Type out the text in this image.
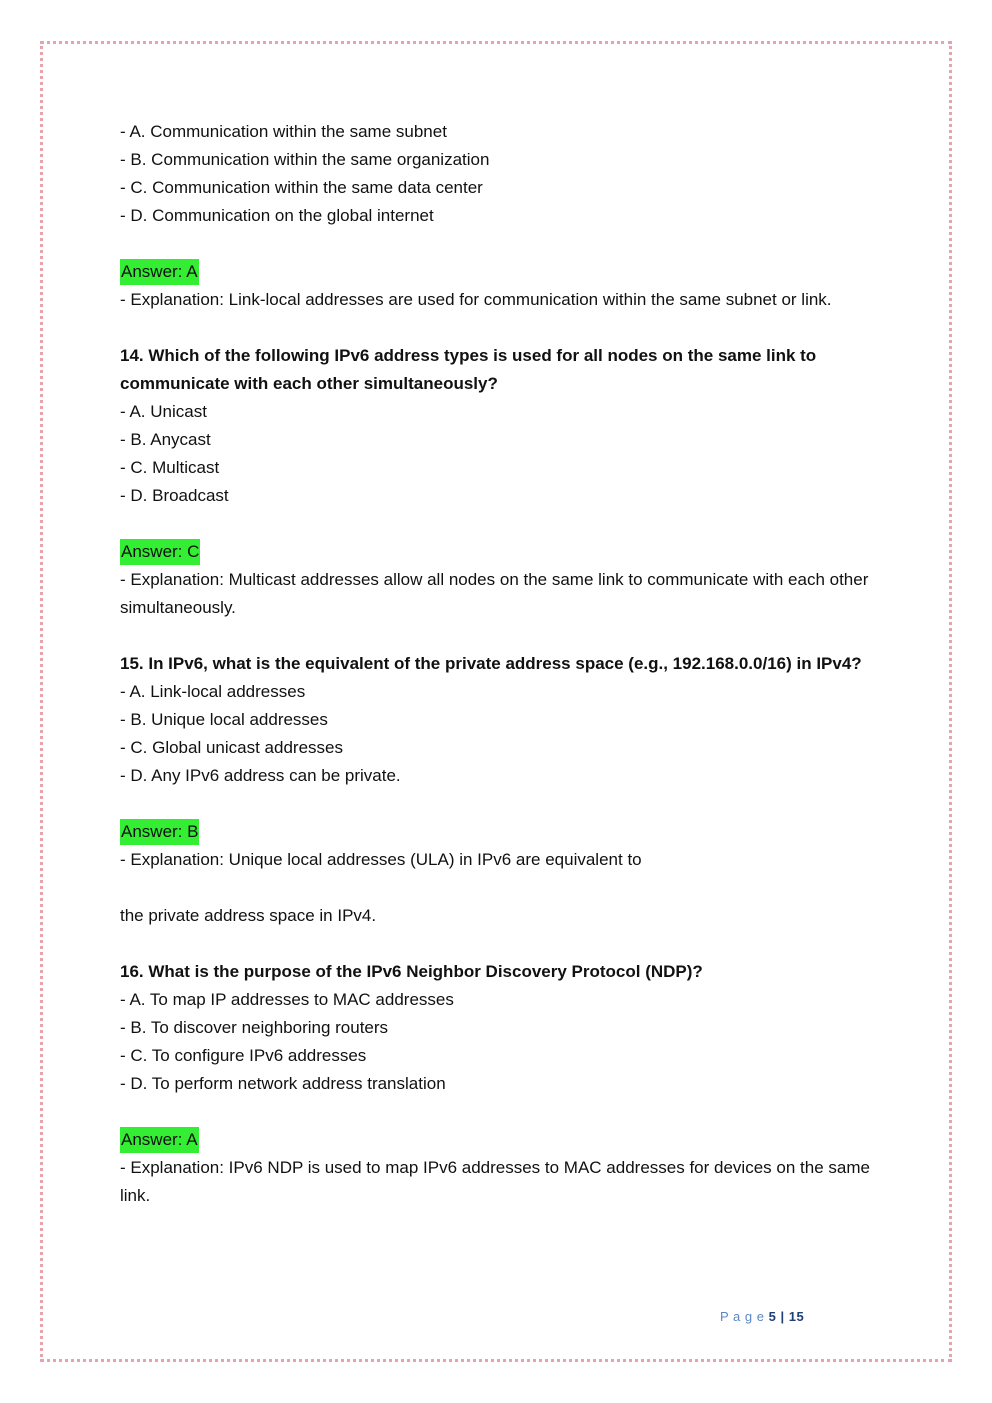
- A. Communication within the same subnet

- B. Communication within the same organization

- C. Communication within the same data center

- D. Communication on the global internet

Answer: A

- Explanation: Link-local addresses are used for communication within the same subnet or link.

14. Which of the following IPv6 address types is used for all nodes on the same link to communicate with each other simultaneously?

- A. Unicast

- B. Anycast

- C. Multicast

- D. Broadcast

Answer: C

- Explanation: Multicast addresses allow all nodes on the same link to communicate with each other simultaneously.

15. In IPv6, what is the equivalent of the private address space (e.g., 192.168.0.0/16) in IPv4?

- A. Link-local addresses

- B. Unique local addresses

- C. Global unicast addresses

- D. Any IPv6 address can be private.

Answer: B

- Explanation: Unique local addresses (ULA) in IPv6 are equivalent to

the private address space in IPv4.

16. What is the purpose of the IPv6 Neighbor Discovery Protocol (NDP)?

- A. To map IP addresses to MAC addresses

- B. To discover neighboring routers

- C. To configure IPv6 addresses

- D. To perform network address translation

Answer: A

- Explanation: IPv6 NDP is used to map IPv6 addresses to MAC addresses for devices on the same link.

P a g e 5 | 15
